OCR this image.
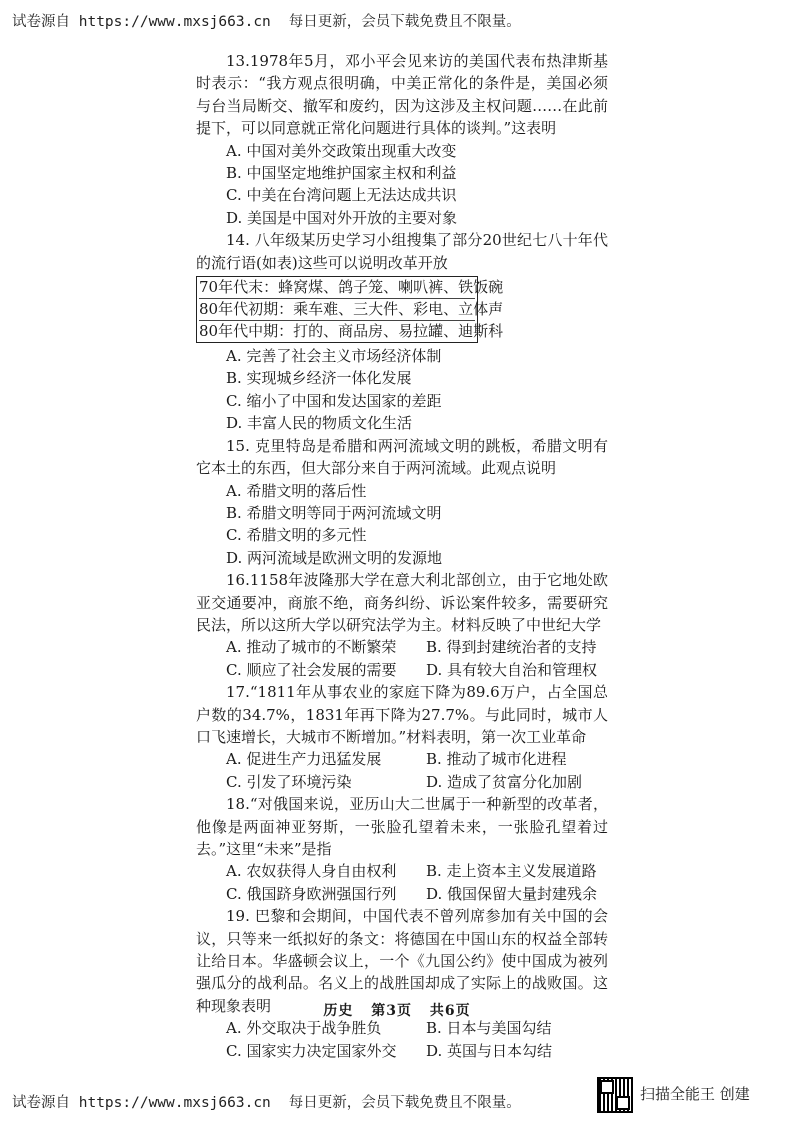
试卷源自 https://www.mxsj663.cn 每日更新，会员下载免费且不限量。

13.1978年5月，邓小平会见来访的美国代表布热津斯基时表示：“我方观点很明确，中美正常化的条件是，美国必须与台当局断交、撤军和废约，因为这涉及主权问题……在此前提下，可以同意就正常化问题进行具体的谈判。”这表明

A. 中国对美外交政策出现重大改变

B. 中国坚定地维护国家主权和利益

C. 中美在台湾问题上无法达成共识

D. 美国是中国对外开放的主要对象

14. 八年级某历史学习小组搜集了部分20世纪七八十年代的流行语(如表)这些可以说明改革开放

70年代末：蜂窝煤、鸽子笼、喇叭裤、铁饭碗
80年代初期：乘车难、三大件、彩电、立体声
80年代中期：打的、商品房、易拉罐、迪斯科

A. 完善了社会主义市场经济体制

B. 实现城乡经济一体化发展

C. 缩小了中国和发达国家的差距

D. 丰富人民的物质文化生活

15. 克里特岛是希腊和两河流域文明的跳板，希腊文明有它本土的东西，但大部分来自于两河流域。此观点说明

A. 希腊文明的落后性

B. 希腊文明等同于两河流域文明

C. 希腊文明的多元性

D. 两河流域是欧洲文明的发源地

16.1158年波隆那大学在意大利北部创立，由于它地处欧亚交通要冲，商旅不绝，商务纠纷、诉讼案件较多，需要研究民法，所以这所大学以研究法学为主。材料反映了中世纪大学

A. 推动了城市的不断繁荣	B. 得到封建统治者的支持
C. 顺应了社会发展的需要	D. 具有较大自治和管理权

17.“1811年从事农业的家庭下降为89.6万户，占全国总户数的34.7%，1831年再下降为27.7%。与此同时，城市人口飞速增长，大城市不断增加。”材料表明，第一次工业革命

A. 促进生产力迅猛发展	B. 推动了城市化进程
C. 引发了环境污染	D. 造成了贫富分化加剧

18.“对俄国来说，亚历山大二世属于一种新型的改革者，他像是两面神亚努斯，一张脸孔望着未来，一张脸孔望着过去。”这里“未来”是指

A. 农奴获得人身自由权利	B. 走上资本主义发展道路
C. 俄国跻身欧洲强国行列	D. 俄国保留大量封建残余

19. 巴黎和会期间，中国代表不曾列席参加有关中国的会议，只等来一纸拟好的条文：将德国在中国山东的权益全部转让给日本。华盛顿会议上，一个《九国公约》使中国成为被列强瓜分的战利品。名义上的战胜国却成了实际上的战败国。这种现象表明

A. 外交取决于战争胜负	B. 日本与美国勾结
C. 国家实力决定国家外交	D. 英国与日本勾结
历史 第3页 共6页
试卷源自 https://www.mxsj663.cn 每日更新，会员下载免费且不限量。	扫描全能王 创建
